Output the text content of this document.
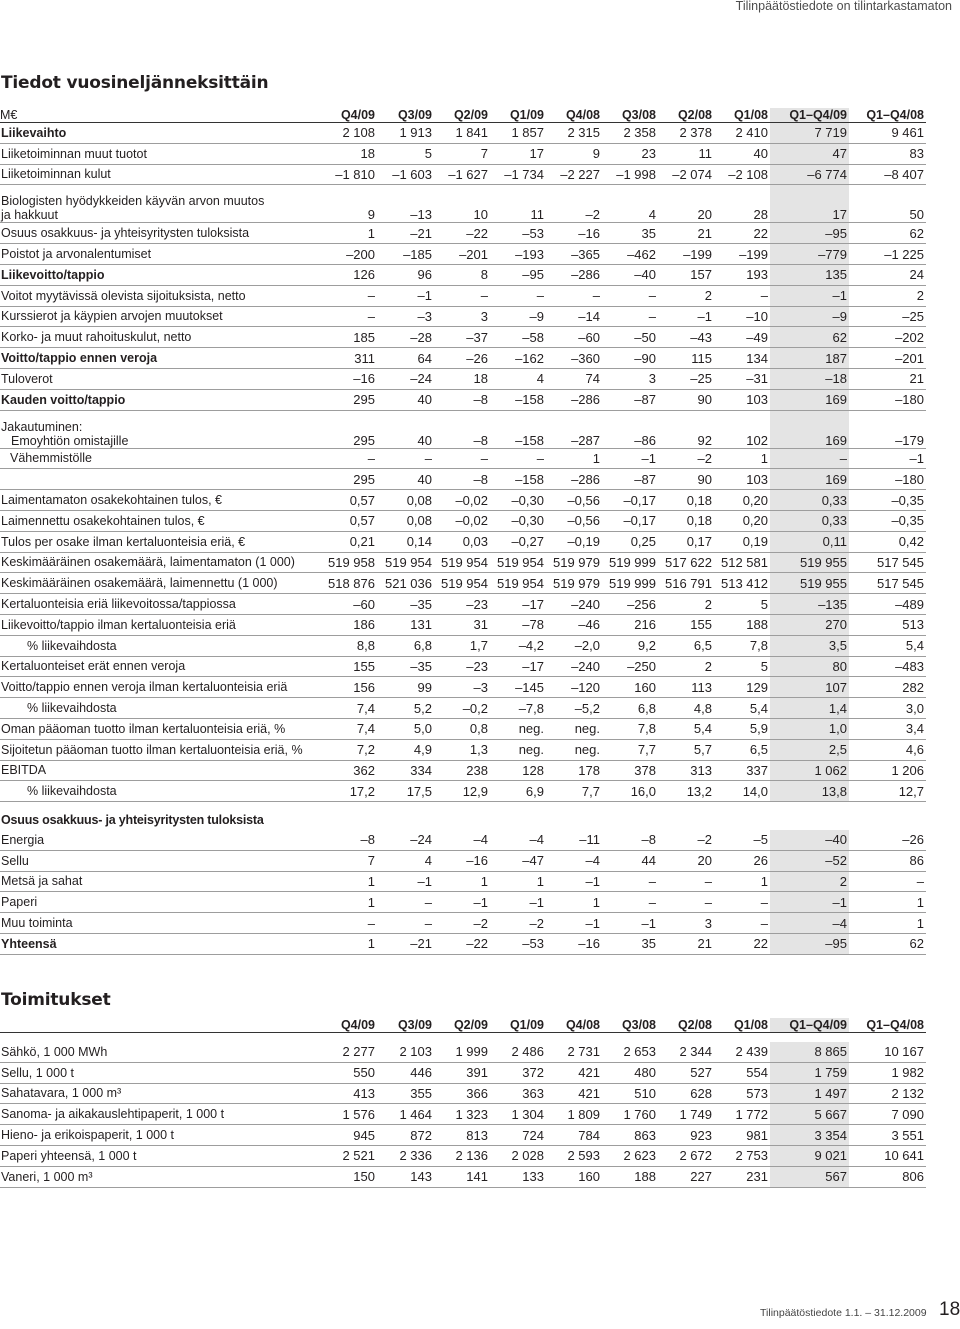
Tilinpäätöstiedote on tilintarkastamaton
Tiedot vuosineljänneksittäin
M€	Q4/09	Q3/09	Q2/09	Q1/09	Q4/08	Q3/08	Q2/08	Q1/08	Q1–Q4/09	Q1–Q4/08
Liikevaihto	2 108	1 913	1 841	1 857	2 315	2 358	2 378	2 410	7 719	9 461
Liiketoiminnan muut tuotot	18	5	7	17	9	23	11	40	47	83
Liiketoiminnan kulut	–1 810	–1 603	–1 627	–1 734	–2 227	–1 998	–2 074	–2 108	–6 774	–8 407
Biologisten hyödykkeiden käyvän arvon muutos
ja hakkuut	9	–13	10	11	–2	4	20	28	17	50
Osuus osakkuus- ja yhteisyritysten tuloksista	1	–21	–22	–53	–16	35	21	22	–95	62
Poistot ja arvonalentumiset	–200	–185	–201	–193	–365	–462	–199	–199	–779	–1 225
Liikevoitto/tappio	126	96	8	–95	–286	–40	157	193	135	24
Voitot myytävissä olevista sijoituksista, netto	–	–1	–	–	–	–	2	–	–1	2
Kurssierot ja käypien arvojen muutokset	–	–3	3	–9	–14	–	–1	–10	–9	–25
Korko- ja muut rahoituskulut, netto	185	–28	–37	–58	–60	–50	–43	–49	62	–202
Voitto/tappio ennen veroja	311	64	–26	–162	–360	–90	115	134	187	–201
Tuloverot	–16	–24	18	4	74	3	–25	–31	–18	21
Kauden voitto/tappio	295	40	–8	–158	–286	–87	90	103	169	–180
Jakautuminen:
Emoyhtiön omistajille	295	40	–8	–158	–287	–86	92	102	169	–179
Vähemmistölle	–	–	–	–	1	–1	–2	1	–	–1
	295	40	–8	–158	–286	–87	90	103	169	–180
Laimentamaton osakekohtainen tulos, €	0,57	0,08	–0,02	–0,30	–0,56	–0,17	0,18	0,20	0,33	–0,35
Laimennettu osakekohtainen tulos, €	0,57	0,08	–0,02	–0,30	–0,56	–0,17	0,18	0,20	0,33	–0,35
Tulos per osake ilman kertaluonteisia eriä, €	0,21	0,14	0,03	–0,27	–0,19	0,25	0,17	0,19	0,11	0,42
Keskimääräinen osakemäärä, laimentamaton (1 000)	519 958	519 954	519 954	519 954	519 979	519 999	517 622	512 581	519 955	517 545
Keskimääräinen osakemäärä, laimennettu (1 000)	518 876	521 036	519 954	519 954	519 979	519 999	516 791	513 412	519 955	517 545
Kertaluonteisia eriä liikevoitossa/tappiossa	–60	–35	–23	–17	–240	–256	2	5	–135	–489
Liikevoitto/tappio ilman kertaluonteisia eriä	186	131	31	–78	–46	216	155	188	270	513
% liikevaihdosta	8,8	6,8	1,7	–4,2	–2,0	9,2	6,5	7,8	3,5	5,4
Kertaluonteiset erät ennen veroja	155	–35	–23	–17	–240	–250	2	5	80	–483
Voitto/tappio ennen veroja ilman kertaluonteisia eriä	156	99	–3	–145	–120	160	113	129	107	282
% liikevaihdosta	7,4	5,2	–0,2	–7,8	–5,2	6,8	4,8	5,4	1,4	3,0
Oman pääoman tuotto ilman kertaluonteisia eriä, %	7,4	5,0	0,8	neg.	neg.	7,8	5,4	5,9	1,0	3,4
Sijoitetun pääoman tuotto ilman kertaluonteisia eriä, %	7,2	4,9	1,3	neg.	neg.	7,7	5,7	6,5	2,5	4,6
EBITDA	362	334	238	128	178	378	313	337	1 062	1 206
% liikevaihdosta	17,2	17,5	12,9	6,9	7,7	16,0	13,2	14,0	13,8	12,7
Osuus osakkuus- ja yhteisyritysten tuloksista
Energia	–8	–24	–4	–4	–11	–8	–2	–5	–40	–26
Sellu	7	4	–16	–47	–4	44	20	26	–52	86
Metsä ja sahat	1	–1	1	1	–1	–	–	1	2	–
Paperi	1	–	–1	–1	1	–	–	–	–1	1
Muu toiminta	–	–	–2	–2	–1	–1	3	–	–4	1
Yhteensä	1	–21	–22	–53	–16	35	21	22	–95	62
Toimitukset
	Q4/09	Q3/09	Q2/09	Q1/09	Q4/08	Q3/08	Q2/08	Q1/08	Q1–Q4/09	Q1–Q4/08

Sähkö, 1 000 MWh	2 277	2 103	1 999	2 486	2 731	2 653	2 344	2 439	8 865	10 167
Sellu, 1 000 t	550	446	391	372	421	480	527	554	1 759	1 982
Sahatavara, 1 000 m³	413	355	366	363	421	510	628	573	1 497	2 132
Sanoma- ja aikakauslehtipaperit, 1 000 t	1 576	1 464	1 323	1 304	1 809	1 760	1 749	1 772	5 667	7 090
Hieno- ja erikoispaperit, 1 000 t	945	872	813	724	784	863	923	981	3 354	3 551
Paperi yhteensä, 1 000 t	2 521	2 336	2 136	2 028	2 593	2 623	2 672	2 753	9 021	10 641
Vaneri, 1 000 m³	150	143	141	133	160	188	227	231	567	806
Tilinpäätöstiedote 1.1. – 31.12.2009 18
